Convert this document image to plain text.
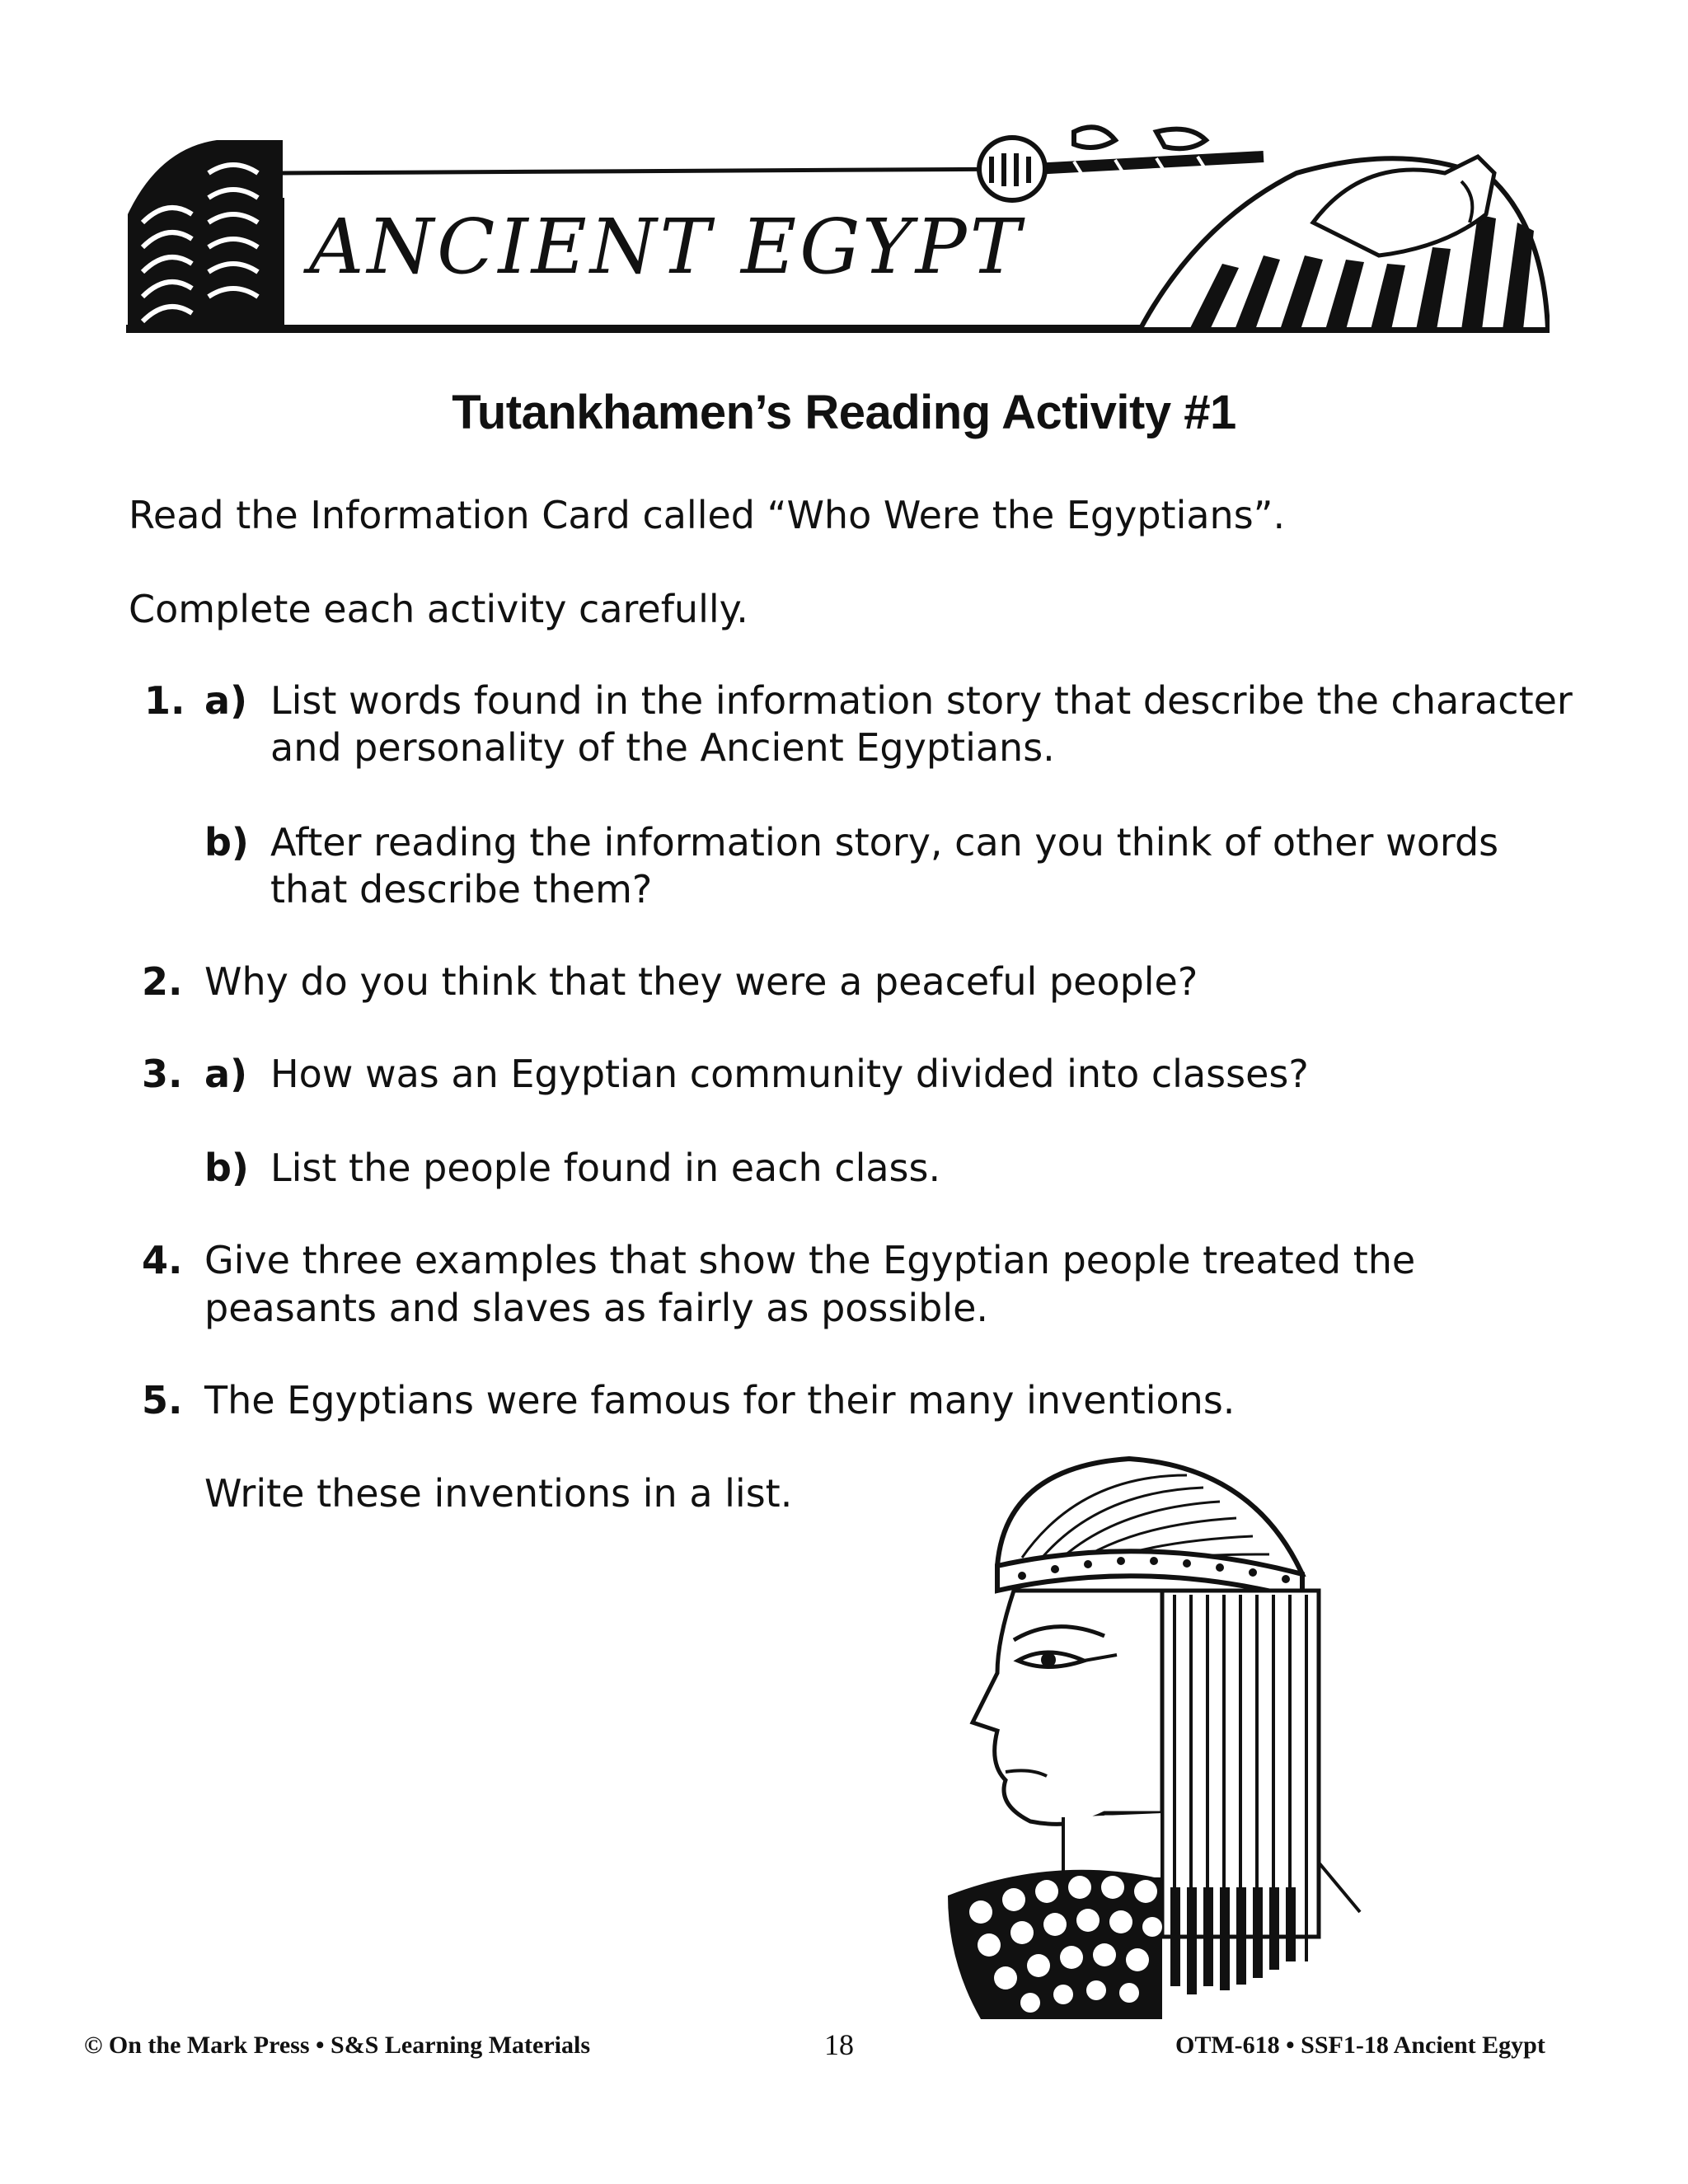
ANCIENT EGYPT
Tutankhamen’s Reading Activity #1
Read the Information Card called “Who Were the Egyptians”.
Complete each activity carefully.
1. a) List words found in the information story that describe the character
and personality of the Ancient Egyptians.
b) After reading the information story, can you think of other words
that describe them?
2. Why do you think that they were a peaceful people?
3. a) How was an Egyptian community divided into classes?
b) List the people found in each class.
4. Give three examples that show the Egyptian people treated the
peasants and slaves as fairly as possible.
5. The Egyptians were famous for their many inventions.
Write these inventions in a list.
© On the Mark Press • S&S Learning Materials	18	OTM-618 • SSF1-18 Ancient Egypt
